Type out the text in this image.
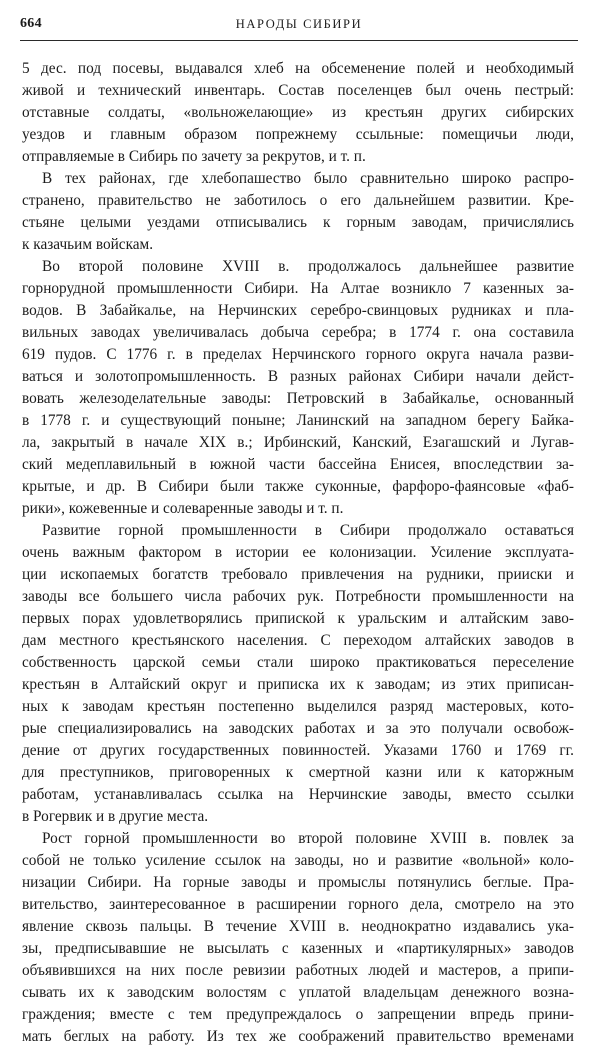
664	НАРОДЫ СИБИРИ
5 дес. под посевы, выдавался хлеб на обсеменение полей и необходимый
живой и технический инвентарь. Состав поселенцев был очень пестрый:
отставные солдаты, «вольножелающие» из крестьян других сибирских
уездов и главным образом попрежнему ссыльные: помещичьи люди,
отправляемые в Сибирь по зачету за рекрутов, и т. п.
В тех районах, где хлебопашество было сравнительно широко распро-
странено, правительство не заботилось о его дальнейшем развитии. Кре-
стьяне целыми уездами отписывались к горным заводам, причислялись
к казачьим войскам.
Во второй половине XVIII в. продолжалось дальнейшее развитие
горнорудной промышленности Сибири. На Алтае возникло 7 казенных за-
водов. В Забайкалье, на Нерчинских серебро-свинцовых рудниках и пла-
вильных заводах увеличивалась добыча серебра; в 1774 г. она составила
619 пудов. С 1776 г. в пределах Нерчинского горного округа начала разви-
ваться и золотопромышленность. В разных районах Сибири начали дейст-
вовать железоделательные заводы: Петровский в Забайкалье, основанный
в 1778 г. и существующий поныне; Ланинский на западном берегу Байка-
ла, закрытый в начале XIX в.; Ирбинский, Канский, Езагашский и Лугав-
ский медеплавильный в южной части бассейна Енисея, впоследствии за-
крытые, и др. В Сибири были также суконные, фарфоро-фаянсовые «фаб-
рики», кожевенные и солеваренные заводы и т. п.
Развитие горной промышленности в Сибири продолжало оставаться
очень важным фактором в истории ее колонизации. Усиление эксплуата-
ции ископаемых богатств требовало привлечения на рудники, прииски и
заводы все большего числа рабочих рук. Потребности промышленности на
первых порах удовлетворялись припиской к уральским и алтайским заво-
дам местного крестьянского населения. С переходом алтайских заводов в
собственность царской семьи стали широко практиковаться переселение
крестьян в Алтайский округ и приписка их к заводам; из этих приписан-
ных к заводам крестьян постепенно выделился разряд мастеровых, кото-
рые специализировались на заводских работах и за это получали освобож-
дение от других государственных повинностей. Указами 1760 и 1769 гг.
для преступников, приговоренных к смертной казни или к каторжным
работам, устанавливалась ссылка на Нерчинские заводы, вместо ссылки
в Рогервик и в другие места.
Рост горной промышленности во второй половине XVIII в. повлек за
собой не только усиление ссылок на заводы, но и развитие «вольной» коло-
низации Сибири. На горные заводы и промыслы потянулись беглые. Пра-
вительство, заинтересованное в расширении горного дела, смотрело на это
явление сквозь пальцы. В течение XVIII в. неоднократно издавались ука-
зы, предписывавшие не высылать с казенных и «партикулярных» заводов
объявившихся на них после ревизии работных людей и мастеров, а припи-
сывать их к заводским волостям с уплатой владельцам денежного возна-
граждения; вместе с тем предупреждалось о запрещении впредь прини-
мать беглых на работу. Из тех же соображений правительство временами
